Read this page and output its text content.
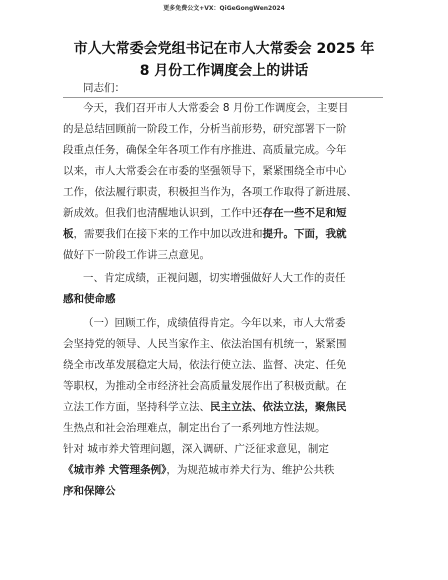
更多免费公文+VX：QiGeGongWen2024
市人大常委会党组书记在市人大常委会 2025 年
8 月份工作调度会上的讲话
同志们：
今天，我们召开市人大常委会 8 月份工作调度会，主要目
的是总结回顾前一阶段工作，分析当前形势，研究部署下一阶
段重点任务，确保全年各项工作有序推进、高质量完成。今年
以来，市人大常委会在市委的坚强领导下，紧紧围绕全市中心
工作，依法履行职责，积极担当作为，各项工作取得了新进展、
新成效。但我们也清醒地认识到，工作中还存在一些不足和短
板，需要我们在接下来的工作中加以改进和提升。下面，我就
做好下一阶段工作讲三点意见。
一、肯定成绩，正视问题，切实增强做好人大工作的责任
感和使命感
（一）回顾工作，成绩值得肯定。今年以来，市人大常委
会坚持党的领导、人民当家作主、依法治国有机统一，紧紧围
绕全市改革发展稳定大局，依法行使立法、监督、决定、任免
等职权，为推动全市经济社会高质量发展作出了积极贡献。在
立法工作方面，坚持科学立法、民主立法、依法立法，聚焦民
生热点和社会治理难点，制定出台了一系列地方性法规。
针对 城市养犬管理问题，深入调研、广泛征求意见，制定
《城市养 犬管理条例》，为规范城市养犬行为、维护公共秩
序和保障公
